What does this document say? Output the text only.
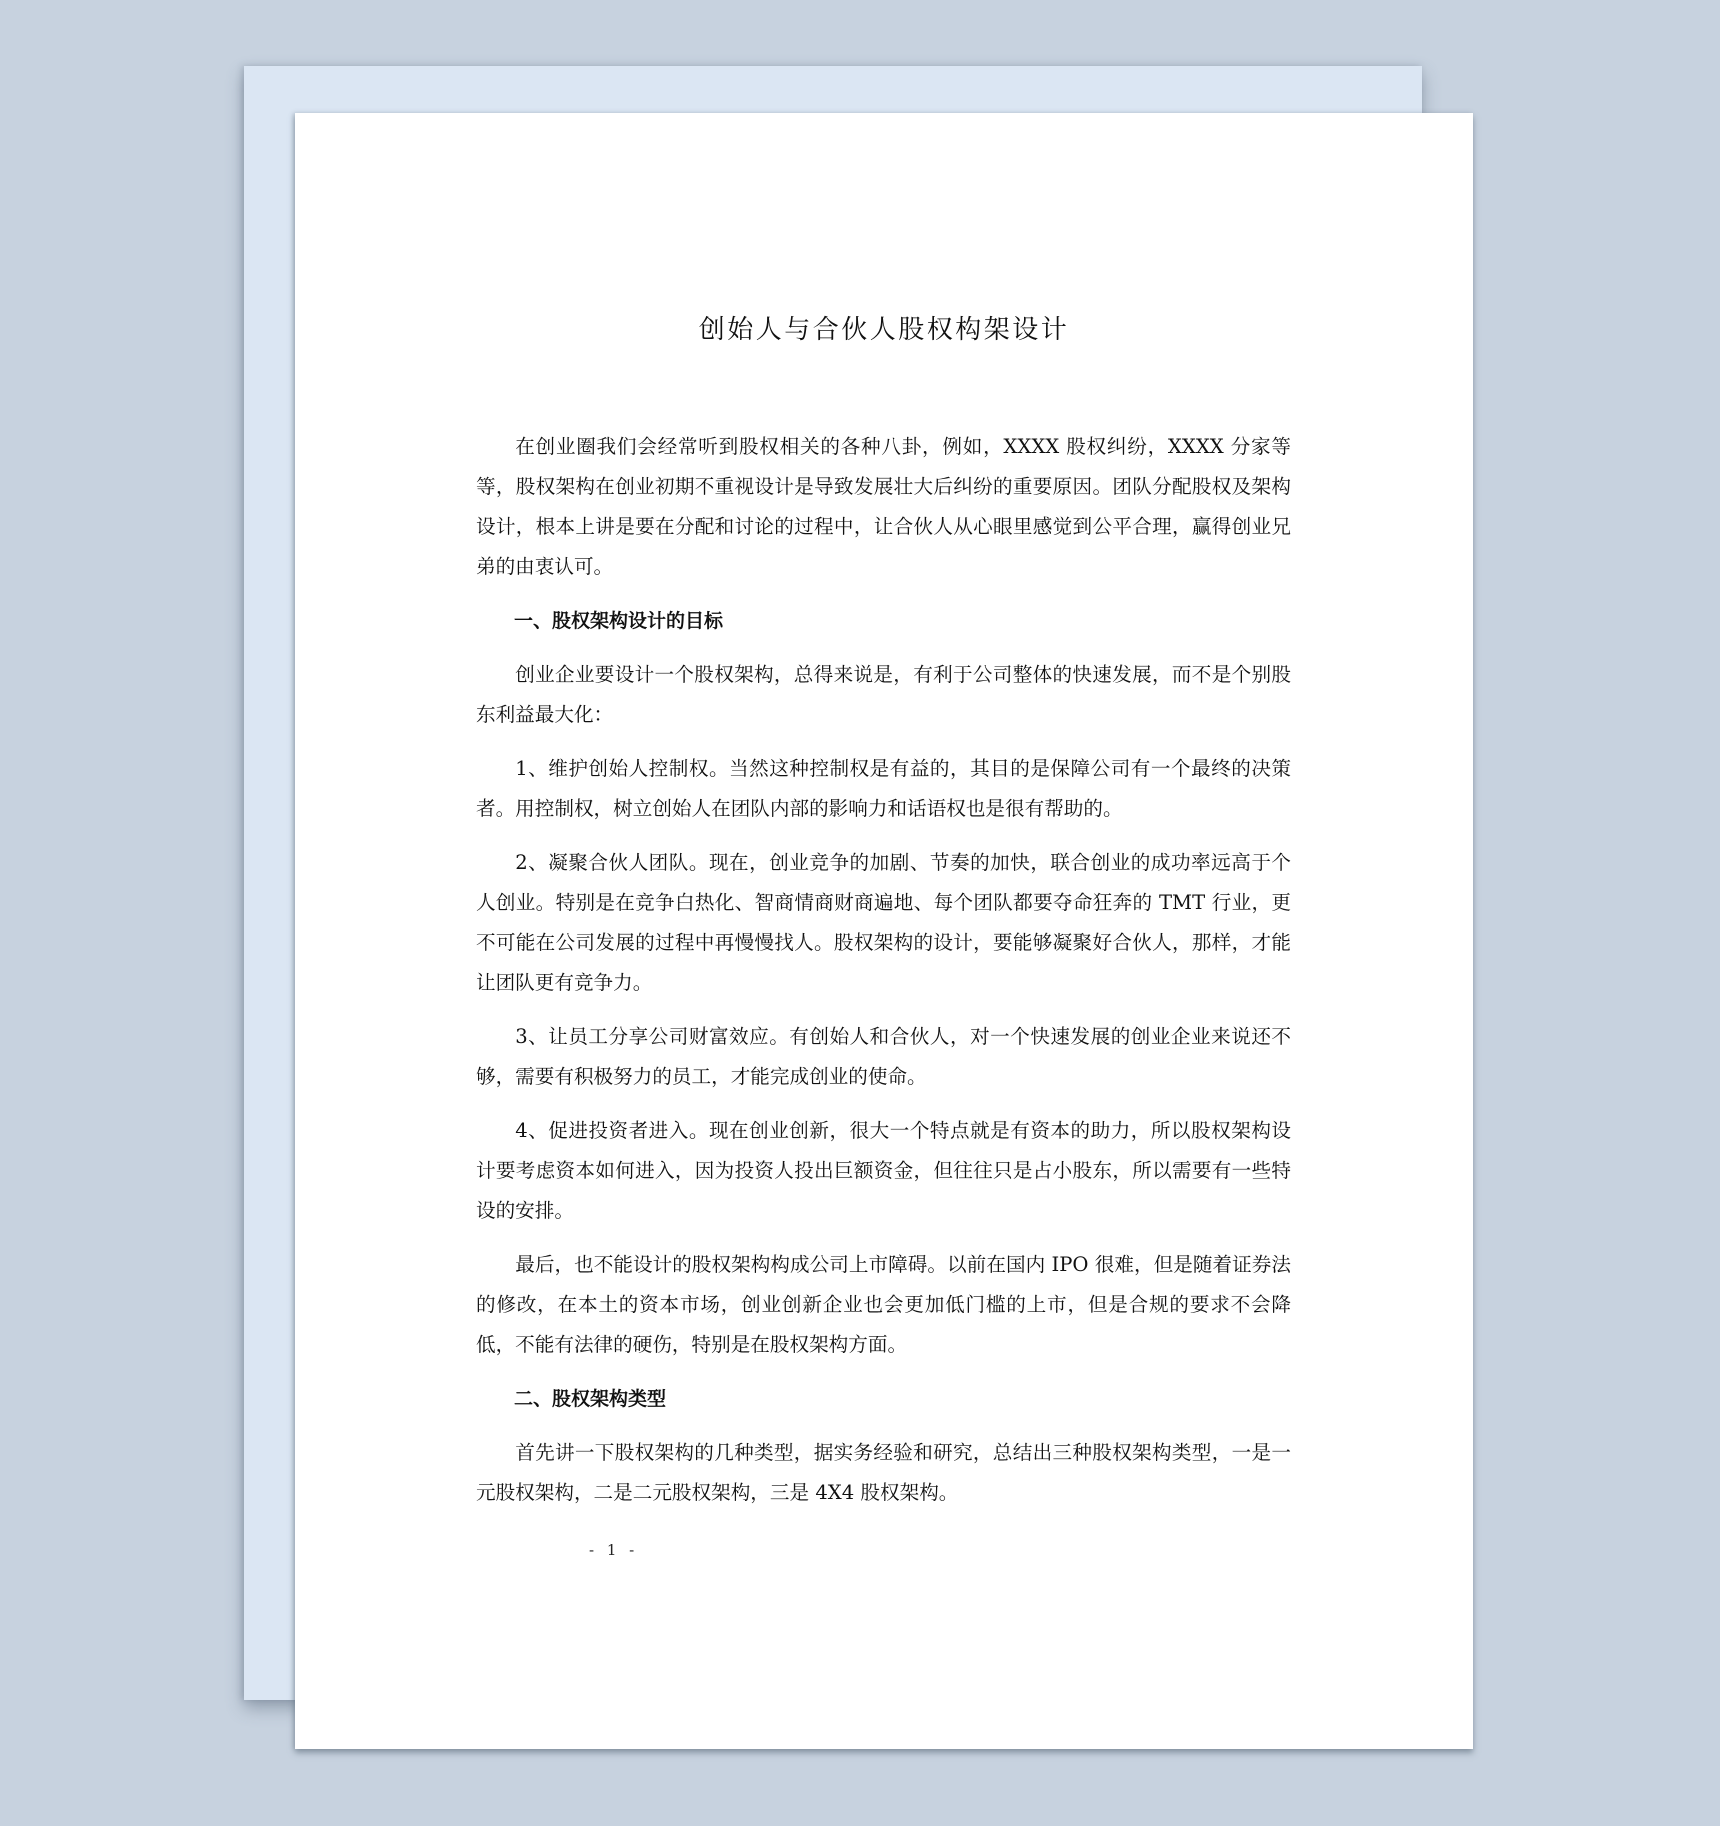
创始人与合伙人股权构架设计

在创业圈我们会经常听到股权相关的各种八卦，例如，XXXX 股权纠纷，XXXX 分家等等，股权架构在创业初期不重视设计是导致发展壮大后纠纷的重要原因。团队分配股权及架构设计，根本上讲是要在分配和讨论的过程中，让合伙人从心眼里感觉到公平合理，赢得创业兄弟的由衷认可。

一、股权架构设计的目标

创业企业要设计一个股权架构，总得来说是，有利于公司整体的快速发展，而不是个别股东利益最大化：

1、维护创始人控制权。当然这种控制权是有益的，其目的是保障公司有一个最终的决策者。用控制权，树立创始人在团队内部的影响力和话语权也是很有帮助的。

2、凝聚合伙人团队。现在，创业竞争的加剧、节奏的加快，联合创业的成功率远高于个人创业。特别是在竞争白热化、智商情商财商遍地、每个团队都要夺命狂奔的 TMT 行业，更不可能在公司发展的过程中再慢慢找人。股权架构的设计，要能够凝聚好合伙人，那样，才能让团队更有竞争力。

3、让员工分享公司财富效应。有创始人和合伙人，对一个快速发展的创业企业来说还不够，需要有积极努力的员工，才能完成创业的使命。

4、促进投资者进入。现在创业创新，很大一个特点就是有资本的助力，所以股权架构设计要考虑资本如何进入，因为投资人投出巨额资金，但往往只是占小股东，所以需要有一些特设的安排。

最后，也不能设计的股权架构构成公司上市障碍。以前在国内 IPO 很难，但是随着证券法的修改，在本土的资本市场，创业创新企业也会更加低门槛的上市，但是合规的要求不会降低，不能有法律的硬伤，特别是在股权架构方面。

二、股权架构类型

首先讲一下股权架构的几种类型，据实务经验和研究，总结出三种股权架构类型，一是一元股权架构，二是二元股权架构，三是 4X4 股权架构。

- 1 -
